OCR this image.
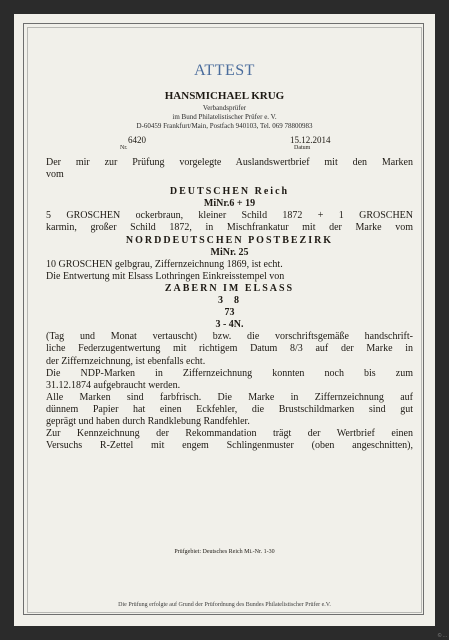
ATTEST
HANSMICHAEL KRUG
Verbandsprüfer
im Bund Philatelistischer Prüfer e. V.
D-60459 Frankfurt/Main, Postfach 940103, Tel. 069 78800983
6420
Nr.
15.12.2014
Datum

Der mir zur Prüfung vorgelegte Auslandswertbrief mit den Marken

vom

DEUTSCHEN Reich

MiNr.6 + 19

5 GROSCHEN ockerbraun, kleiner Schild 1872 + 1 GROSCHEN

karmin, großer Schild 1872, in Mischfrankatur mit der Marke vom

NORDDEUTSCHEN POSTBEZIRK

MiNr. 25

10 GROSCHEN gelbgrau, Ziffernzeichnung 1869, ist echt.

Die Entwertung mit Elsass Lothringen Einkreisstempel von

ZABERN IM ELSASS

3  8

73

3 - 4N.

(Tag und Monat vertauscht) bzw. die vorschriftsgemäße handschrift-

liche Federzugentwertung mit richtigem Datum 8/3 auf der Marke in

der Ziffernzeichnung, ist ebenfalls echt.

Die NDP-Marken in Ziffernzeichnung konnten noch bis zum

31.12.1874 aufgebraucht werden.

Alle Marken sind farbfrisch. Die Marke in Ziffernzeichnung auf

dünnem Papier hat einen Eckfehler, die Brustschildmarken sind gut

geprägt und haben durch Randklebung Randfehler.

Zur Kennzeichnung der Rekommandation trägt der Wertbrief einen

Versuchs R-Zettel mit engem Schlingenmuster (oben angeschnitten),

Prüfgebiet: Deutsches Reich Mi.-Nr. 1-30
Die Prüfung erfolgte auf Grund der Prüfordnung des Bundes Philatelistischer Prüfer e.V.
© ...
